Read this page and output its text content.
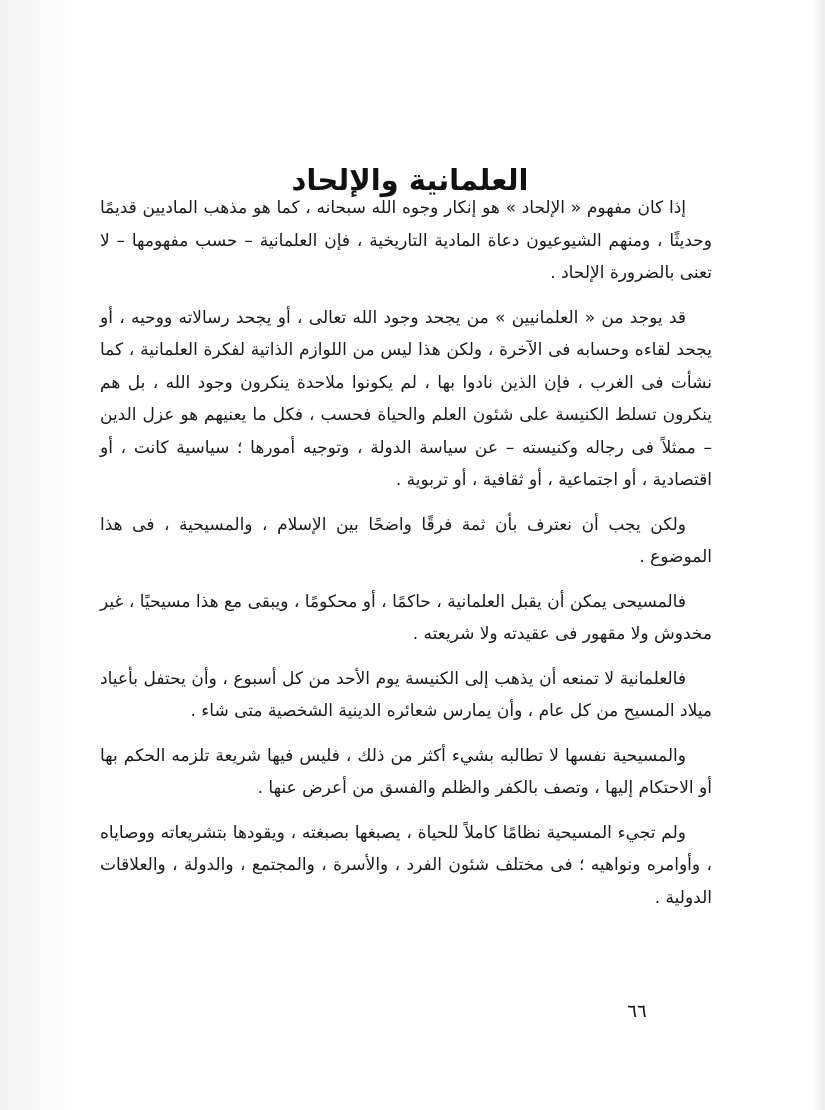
العلمانية والإلحاد

إذا كان مفهوم « الإلحاد » هو إنكار وجوه الله سبحانه ، كما هو مذهب الماديين قديمًا وحديثًا ، ومنهم الشيوعيون دعاة المادية التاريخية ، فإن العلمانية – حسب مفهومها – لا تعنى بالضرورة الإلحاد .

قد يوجد من « العلمانيين » من يجحد وجود الله تعالى ، أو يجحد رسالاته ووحيه ، أو يجحد لقاءه وحسابه فى الآخرة ، ولكن هذا ليس من اللوازم الذاتية لفكرة العلمانية ، كما نشأت فى الغرب ، فإن الذين نادوا بها ، لم يكونوا ملاحدة ينكرون وجود الله ، بل هم ينكرون تسلط الكنيسة على شئون العلم والحياة فحسب ، فكل ما يعنيهم هو عزل الدين – ممثلاً فى رجاله وكنيسته – عن سياسة الدولة ، وتوجيه أمورها ؛ سياسية كانت ، أو اقتصادية ، أو اجتماعية ، أو ثقافية ، أو تربوية .

ولكن يجب أن نعترف بأن ثمة فرقًا واضحًا بين الإسلام ، والمسيحية ، فى هذا الموضوع .

فالمسيحى يمكن أن يقبل العلمانية ، حاكمًا ، أو محكومًا ، ويبقى مع هذا مسيحيًا ، غير مخدوش ولا مقهور فى عقيدته ولا شريعته .

فالعلمانية لا تمنعه أن يذهب إلى الكنيسة يوم الأحد من كل أسبوع ، وأن يحتفل بأعياد ميلاد المسيح من كل عام ، وأن يمارس شعائره الدينية الشخصية متى شاء .

والمسيحية نفسها لا تطالبه بشيء أكثر من ذلك ، فليس فيها شريعة تلزمه الحكم بها أو الاحتكام إليها ، وتصف بالكفر والظلم والفسق من أعرض عنها .

ولم تجيء المسيحية نظامًا كاملاً للحياة ، يصبغها بصبغته ، ويقودها بتشريعاته ووصاياه ، وأوامره ونواهيه ؛ فى مختلف شئون الفرد ، والأسرة ، والمجتمع ، والدولة ، والعلاقات الدولية .

٦٦
